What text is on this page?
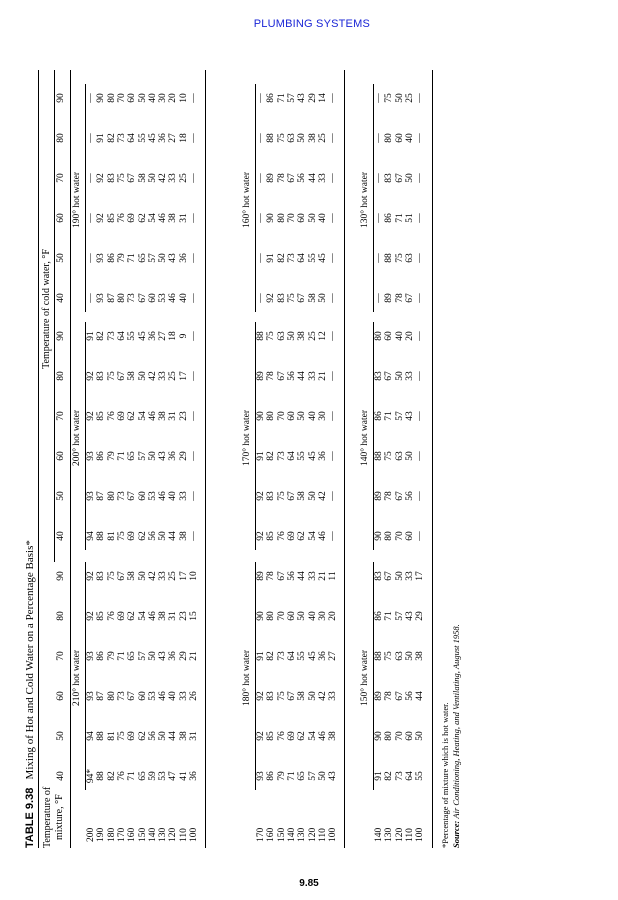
PLUMBING SYSTEMS
TABLE 9.38   Mixing of Hot and Cold Water on a Percentage Basis*
Temperature of mixture, °F
Temperature of cold water, °F
40
50
60
70
80
90
40
50
60
70
80
90
40
50
60
70
80
90
210° hot water
94*
94
93
93
92
92
88
88
87
86
85
83
82
81
80
79
76
75
76
75
73
71
69
67
71
69
67
65
62
58
65
62
60
57
54
50
59
56
53
50
46
42
53
50
46
43
38
33
47
44
40
36
31
25
41
38
33
29
23
17
36
31
26
21
15
10
200° hot water
94
93
93
92
92
91
88
87
86
85
83
82
81
80
79
76
75
73
75
73
71
69
67
64
69
67
65
62
58
55
62
60
57
54
50
45
56
53
50
46
42
36
50
46
43
38
33
27
44
40
36
31
25
18
38
33
29
23
17
9
—
—
—
—
—
—
190° hot water
—
—
—
—
—
—
93
93
92
92
91
90
87
86
85
83
82
80
80
79
76
75
73
70
73
71
69
67
64
60
67
65
62
58
55
50
60
57
54
50
45
40
53
50
46
42
36
30
46
43
38
33
27
20
40
36
31
25
18
10
—
—
—
—
—
—
200 190 180 170 160 150 140 130 120 110 100
180° hot water
93
92
92
91
90
89
86
85
83
82
80
78
79
76
75
73
70
67
71
69
67
64
60
56
65
62
58
55
50
44
57
54
50
45
40
33
50
46
42
36
30
21
43
38
33
27
20
11
170° hot water
92
92
91
90
89
88
85
83
82
80
78
75
76
75
73
70
67
63
69
67
64
60
56
50
62
58
55
50
44
38
54
50
45
40
33
25
46
42
36
30
21
12
—
—
—
—
—
—
160° hot water
—
—
—
—
—
—
92
91
90
89
88
86
83
82
80
78
75
71
75
73
70
67
63
57
67
64
60
56
50
43
58
55
50
44
38
29
50
45
40
33
25
14
—
—
—
—
—
—
170 160 150 140 130 120 110 100
150° hot water
91
90
89
88
86
83
82
80
78
75
71
67
73
70
67
63
57
50
64
60
56
50
43
33
55
50
44
38
29
17
140° hot water
90
89
88
86
83
80
80
78
75
71
67
60
70
67
63
57
50
40
60
56
50
43
33
20
—
—
—
—
—
—
130° hot water
—
—
—
—
—
—
89
88
86
83
80
75
78
75
71
67
60
50
67
63
51
50
40
25
—
—
—
—
—
—
140 130 120 110 100 *Percentage of mixture which is hot water. Source: Air Conditioning, Heating, and Ventilating, August 1958.
9.85
